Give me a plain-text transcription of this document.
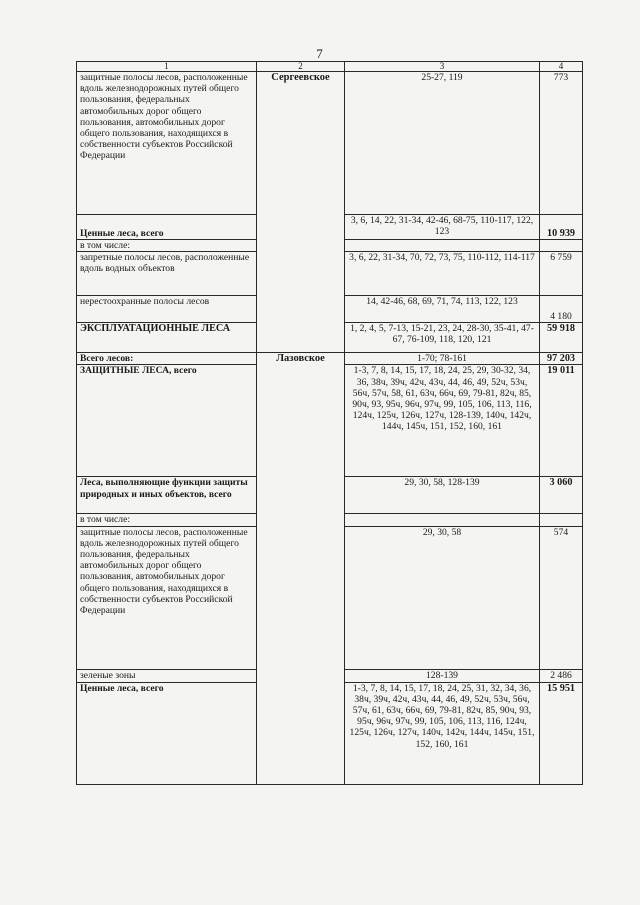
7
1	2	3	4
защитные полосы лесов, расположенные вдоль железнодорожных путей общего пользования, федеральных автомобильных дорог общего пользования, автомобильных дорог общего пользования, находящихся в собственности субъектов Российской Федерации	Сергеевское	25-27, 119	773
Ценные леса, всего		3, 6, 14, 22, 31-34, 42-46, 68-75, 110-117, 122, 123	10 939
в том числе:			
запретные полосы лесов, расположенные вдоль водных объектов		3, 6, 22, 31-34, 70, 72, 73, 75, 110-112, 114-117	6 759
нерестоохранные полосы лесов		14, 42-46, 68, 69, 71, 74, 113, 122, 123	4 180
ЭКСПЛУАТАЦИОННЫЕ ЛЕСА		1, 2, 4, 5, 7-13, 15-21, 23, 24, 28-30, 35-41, 47-67, 76-109, 118, 120, 121	59 918
Всего лесов:	Лазовское	1-70; 78-161	97 203
ЗАЩИТНЫЕ ЛЕСА, всего		1-3, 7, 8, 14, 15, 17, 18, 24, 25, 29, 30-32, 34, 36, 38ч, 39ч, 42ч, 43ч, 44, 46, 49, 52ч, 53ч, 56ч, 57ч, 58, 61, 63ч, 66ч, 69, 79-81, 82ч, 85, 90ч, 93, 95ч, 96ч, 97ч, 99, 105, 106, 113, 116, 124ч, 125ч, 126ч, 127ч, 128-139, 140ч, 142ч, 144ч, 145ч, 151, 152, 160, 161	19 011
Леса, выполняющие функции защиты природных и иных объектов, всего		29, 30, 58, 128-139	3 060
в том числе:			
защитные полосы лесов, расположенные вдоль железнодорожных путей общего пользования, федеральных автомобильных дорог общего пользования, автомобильных дорог общего пользования, находящихся в собственности субъектов Российской Федерации		29, 30, 58	574
зеленые зоны		128-139	2 486
Ценные леса, всего		1-3, 7, 8, 14, 15, 17, 18, 24, 25, 31, 32, 34, 36, 38ч, 39ч, 42ч, 43ч, 44, 46, 49, 52ч, 53ч, 56ч, 57ч, 61, 63ч, 66ч, 69, 79-81, 82ч, 85, 90ч, 93, 95ч, 96ч, 97ч, 99, 105, 106, 113, 116, 124ч, 125ч, 126ч, 127ч, 140ч, 142ч, 144ч, 145ч, 151, 152, 160, 161	15 951
